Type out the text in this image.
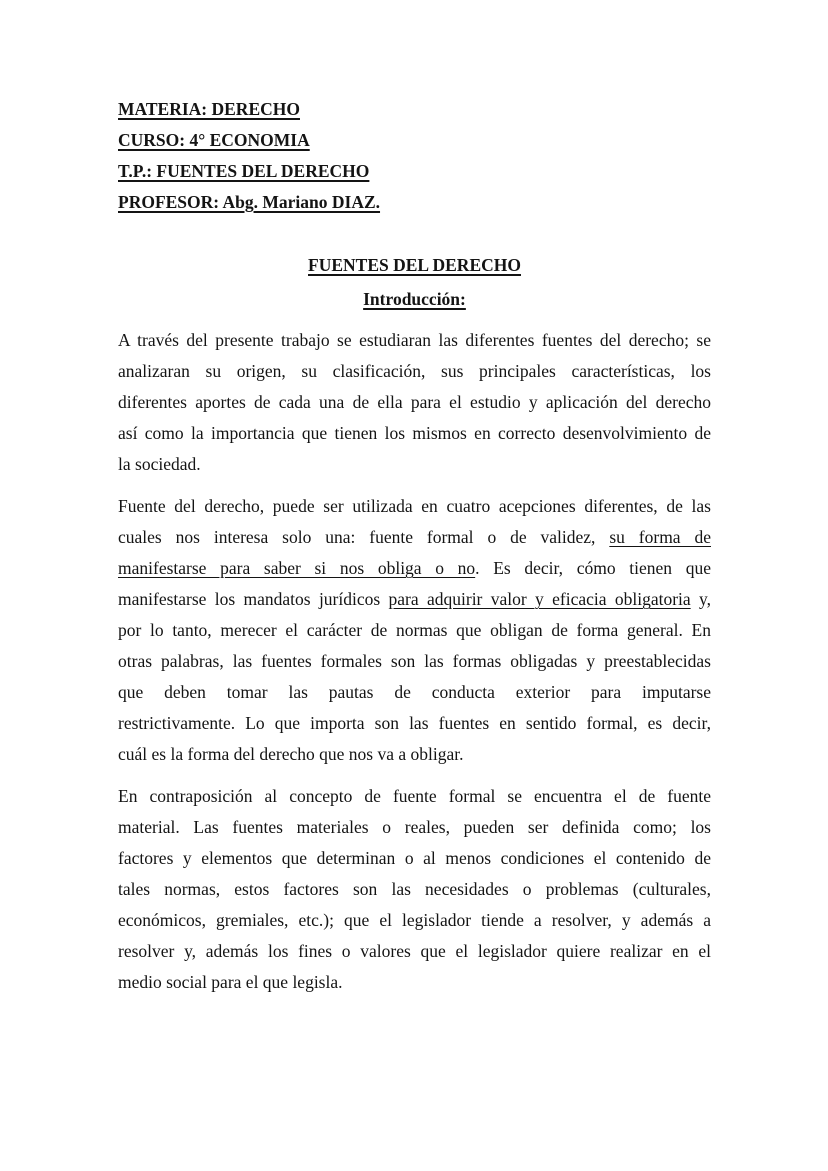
MATERIA: DERECHO
CURSO: 4° ECONOMIA
T.P.: FUENTES DEL DERECHO
PROFESOR: Abg. Mariano DIAZ.
FUENTES DEL DERECHO
Introducción:
A través del presente trabajo se estudiaran las diferentes fuentes del derecho; se
analizaran su origen, su clasificación, sus principales características, los
diferentes aportes de cada una de ella para el estudio y aplicación del derecho
así como la importancia que tienen los mismos en correcto desenvolvimiento de
la sociedad.
Fuente del derecho, puede ser utilizada en cuatro acepciones diferentes, de las
cuales nos interesa solo una: fuente formal o de validez, su forma de
manifestarse para saber si nos obliga o no. Es decir, cómo tienen que
manifestarse los mandatos jurídicos para adquirir valor y eficacia obligatoria y,
por lo tanto, merecer el carácter de normas que obligan de forma general. En
otras palabras, las fuentes formales son las formas obligadas y preestablecidas
que deben tomar las pautas de conducta exterior para imputarse
restrictivamente. Lo que importa son las fuentes en sentido formal, es decir,
cuál es la forma del derecho que nos va a obligar.
En contraposición al concepto de fuente formal se encuentra el de fuente
material. Las fuentes materiales o reales, pueden ser definida como; los
factores y elementos que determinan o al menos condiciones el contenido de
tales normas, estos factores son las necesidades o problemas (culturales,
económicos, gremiales, etc.); que el legislador tiende a resolver, y además a
resolver y, además los fines o valores que el legislador quiere realizar en el
medio social para el que legisla.
